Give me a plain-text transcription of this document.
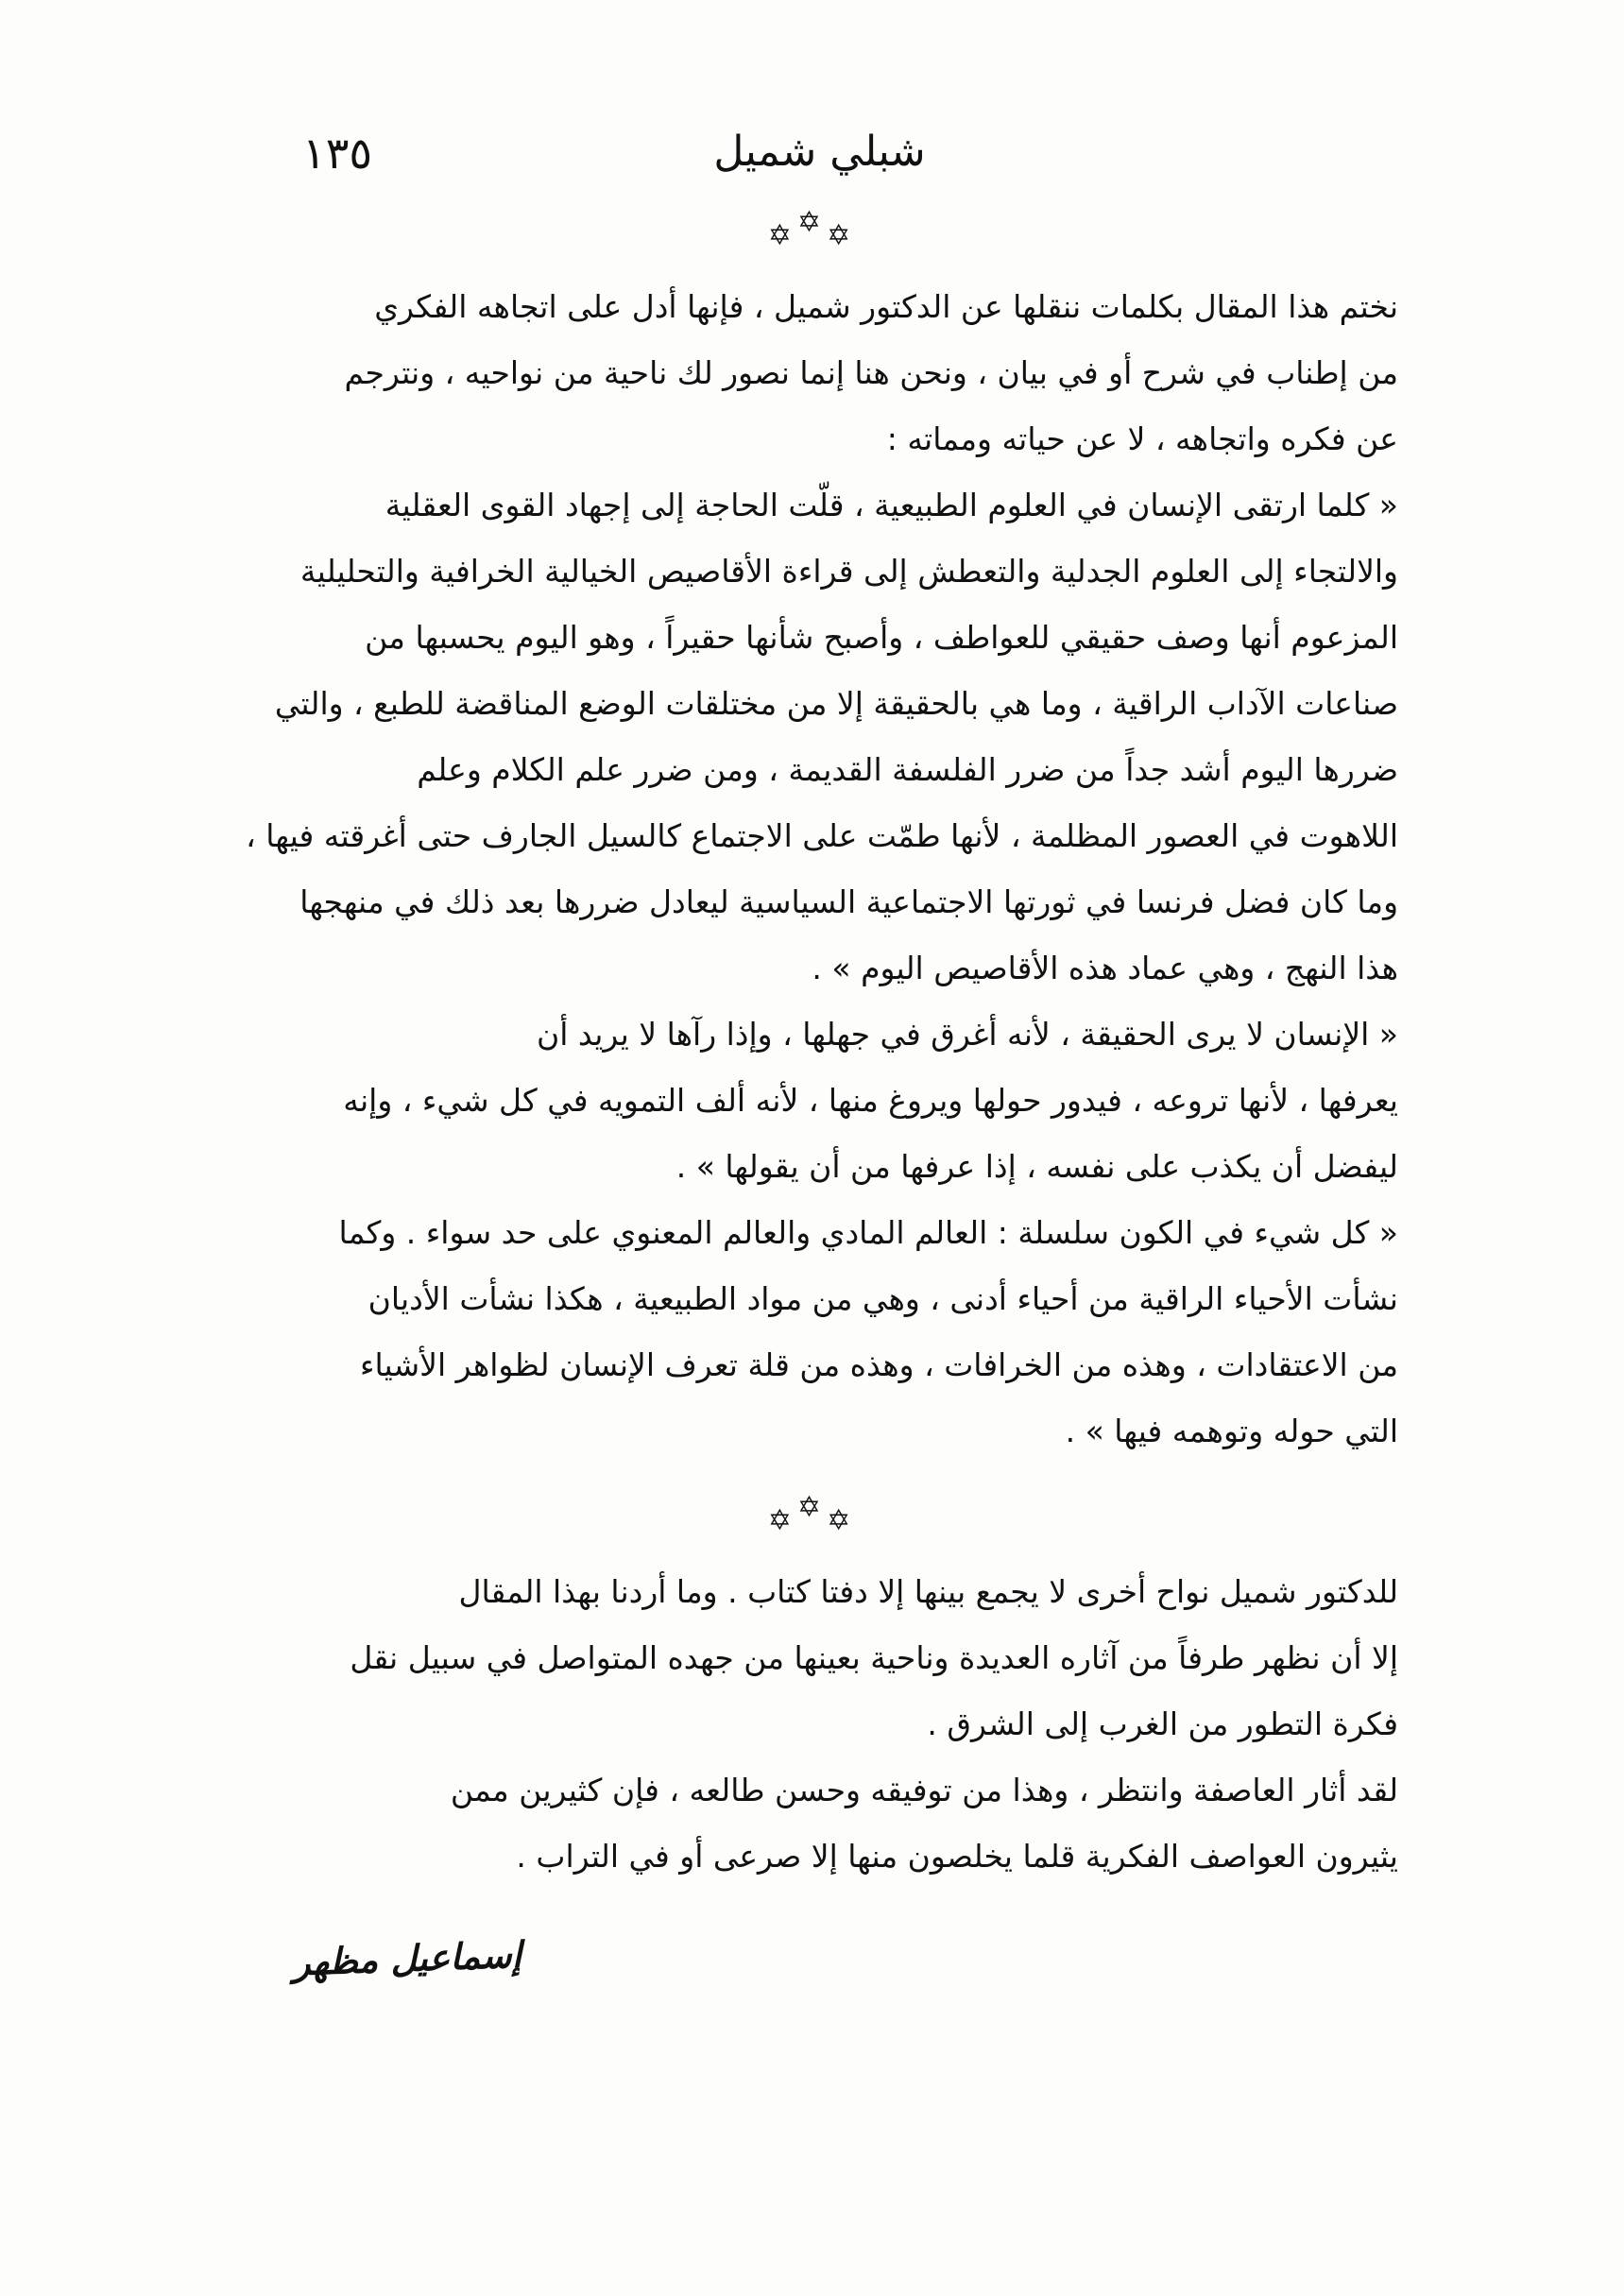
١٣٥	شبلي شميل
✡✡✡
نختم هذا المقال بكلمات ننقلها عن الدكتور شميل ، فإنها أدل على اتجاهه الفكري
من إطناب في شرح أو في بيان ، ونحن هنا إنما نصور لك ناحية من نواحيه ، ونترجم
عن فكره واتجاهه ، لا عن حياته ومماته :
« كلما ارتقى الإنسان في العلوم الطبيعية ، قلّت الحاجة إلى إجهاد القوى العقلية
والالتجاء إلى العلوم الجدلية والتعطش إلى قراءة الأقاصيص الخيالية الخرافية والتحليلية
المزعوم أنها وصف حقيقي للعواطف ، وأصبح شأنها حقيراً ، وهو اليوم يحسبها من
صناعات الآداب الراقية ، وما هي بالحقيقة إلا من مختلقات الوضع المناقضة للطبع ، والتي
ضررها اليوم أشد جداً من ضرر الفلسفة القديمة ، ومن ضرر علم الكلام وعلم
اللاهوت في العصور المظلمة ، لأنها طمّت على الاجتماع كالسيل الجارف حتى أغرقته فيها ،
وما كان فضل فرنسا في ثورتها الاجتماعية السياسية ليعادل ضررها بعد ذلك في منهجها
هذا النهج ، وهي عماد هذه الأقاصيص اليوم » .
« الإنسان لا يرى الحقيقة ، لأنه أغرق في جهلها ، وإذا رآها لا يريد أن
يعرفها ، لأنها تروعه ، فيدور حولها ويروغ منها ، لأنه ألف التمويه في كل شيء ، وإنه
ليفضل أن يكذب على نفسه ، إذا عرفها من أن يقولها » .
« كل شيء في الكون سلسلة : العالم المادي والعالم المعنوي على حد سواء . وكما
نشأت الأحياء الراقية من أحياء أدنى ، وهي من مواد الطبيعية ، هكذا نشأت الأديان
من الاعتقادات ، وهذه من الخرافات ، وهذه من قلة تعرف الإنسان لظواهر الأشياء
التي حوله وتوهمه فيها » .
✡✡✡
للدكتور شميل نواح أخرى لا يجمع بينها إلا دفتا كتاب . وما أردنا بهذا المقال
إلا أن نظهر طرفاً من آثاره العديدة وناحية بعينها من جهده المتواصل في سبيل نقل
فكرة التطور من الغرب إلى الشرق .
لقد أثار العاصفة وانتظر ، وهذا من توفيقه وحسن طالعه ، فإن كثيرين ممن
يثيرون العواصف الفكرية قلما يخلصون منها إلا صرعى أو في التراب .
إسماعيل مظهر
